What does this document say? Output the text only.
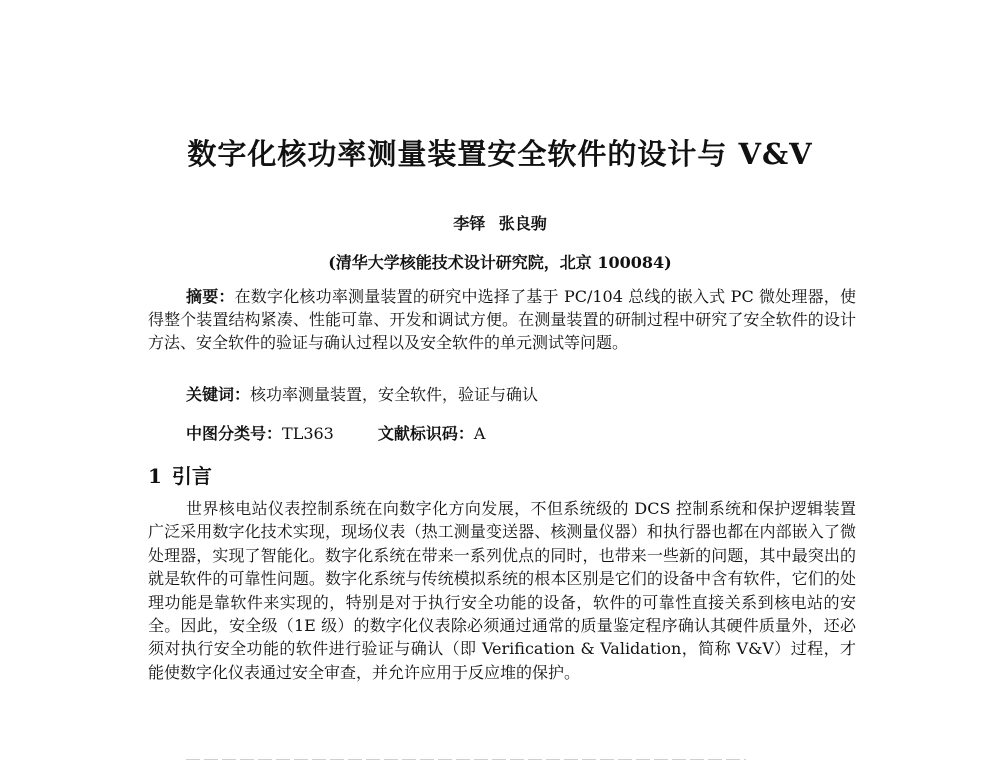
数字化核功率测量装置安全软件的设计与 V&V
李铎 张良驹
(清华大学核能技术设计研究院，北京 100084)
摘要：在数字化核功率测量装置的研究中选择了基于 PC/104 总线的嵌入式 PC 微处理器，使得整个装置结构紧凑、性能可靠、开发和调试方便。在测量装置的研制过程中研究了安全软件的设计方法、安全软件的验证与确认过程以及安全软件的单元测试等问题。
关键词：核功率测量装置，安全软件，验证与确认
中图分类号：TL363	文献标识码：A
1 引言
世界核电站仪表控制系统在向数字化方向发展，不但系统级的 DCS 控制系统和保护逻辑装置广泛采用数字化技术实现，现场仪表（热工测量变送器、核测量仪器）和执行器也都在内部嵌入了微处理器，实现了智能化。数字化系统在带来一系列优点的同时，也带来一些新的问题，其中最突出的就是软件的可靠性问题。数字化系统与传统模拟系统的根本区别是它们的设备中含有软件，它们的处理功能是靠软件来实现的，特别是对于执行安全功能的设备，软件的可靠性直接关系到核电站的安全。因此，安全级（1E 级）的数字化仪表除必须通过通常的质量鉴定程序确认其硬件质量外，还必须对执行安全功能的软件进行验证与确认（即 Verification & Validation，简称 V&V）过程，才能使数字化仪表通过安全审查，并允许应用于反应堆的保护。
